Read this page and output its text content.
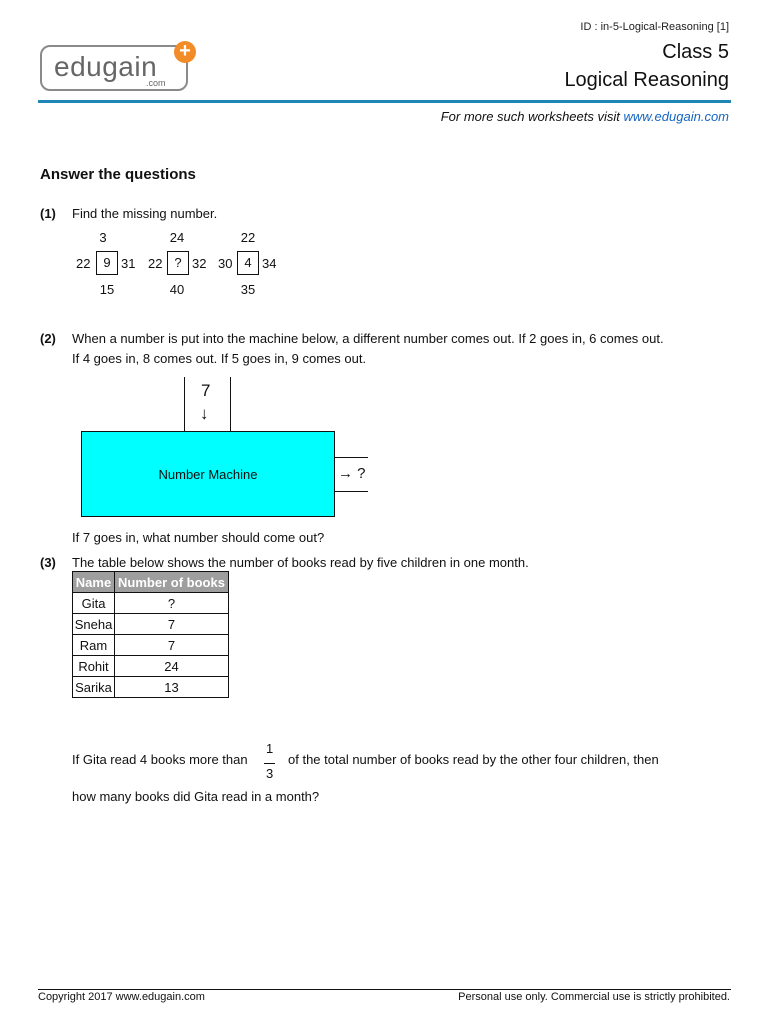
edugain
.com
+
ID : in-5-Logical-Reasoning [1]
Class 5
Logical Reasoning
For more such worksheets visit www.edugain.com
Answer the questions
(1) Find the missing number.
3
22 9 31
15
24
22 ? 32
40
22
30 4 34
35
(2) When a number is put into the machine below, a different number comes out. If 2 goes in, 6 comes out.
If 4 goes in, 8 comes out. If 5 goes in, 9 comes out.
7
↓
Number Machine	→ ?
If 7 goes in, what number should come out?
(3) The table below shows the number of books read by five children in one month.
Name	Number of books
Gita	?
Sneha	7
Ram	7
Rohit	24
Sarika	13
If Gita read 4 books more than
1
3
of the total number of books read by the other four children, then
how many books did Gita read in a month?
Copyright 2017 www.edugain.com	Personal use only. Commercial use is strictly prohibited.
